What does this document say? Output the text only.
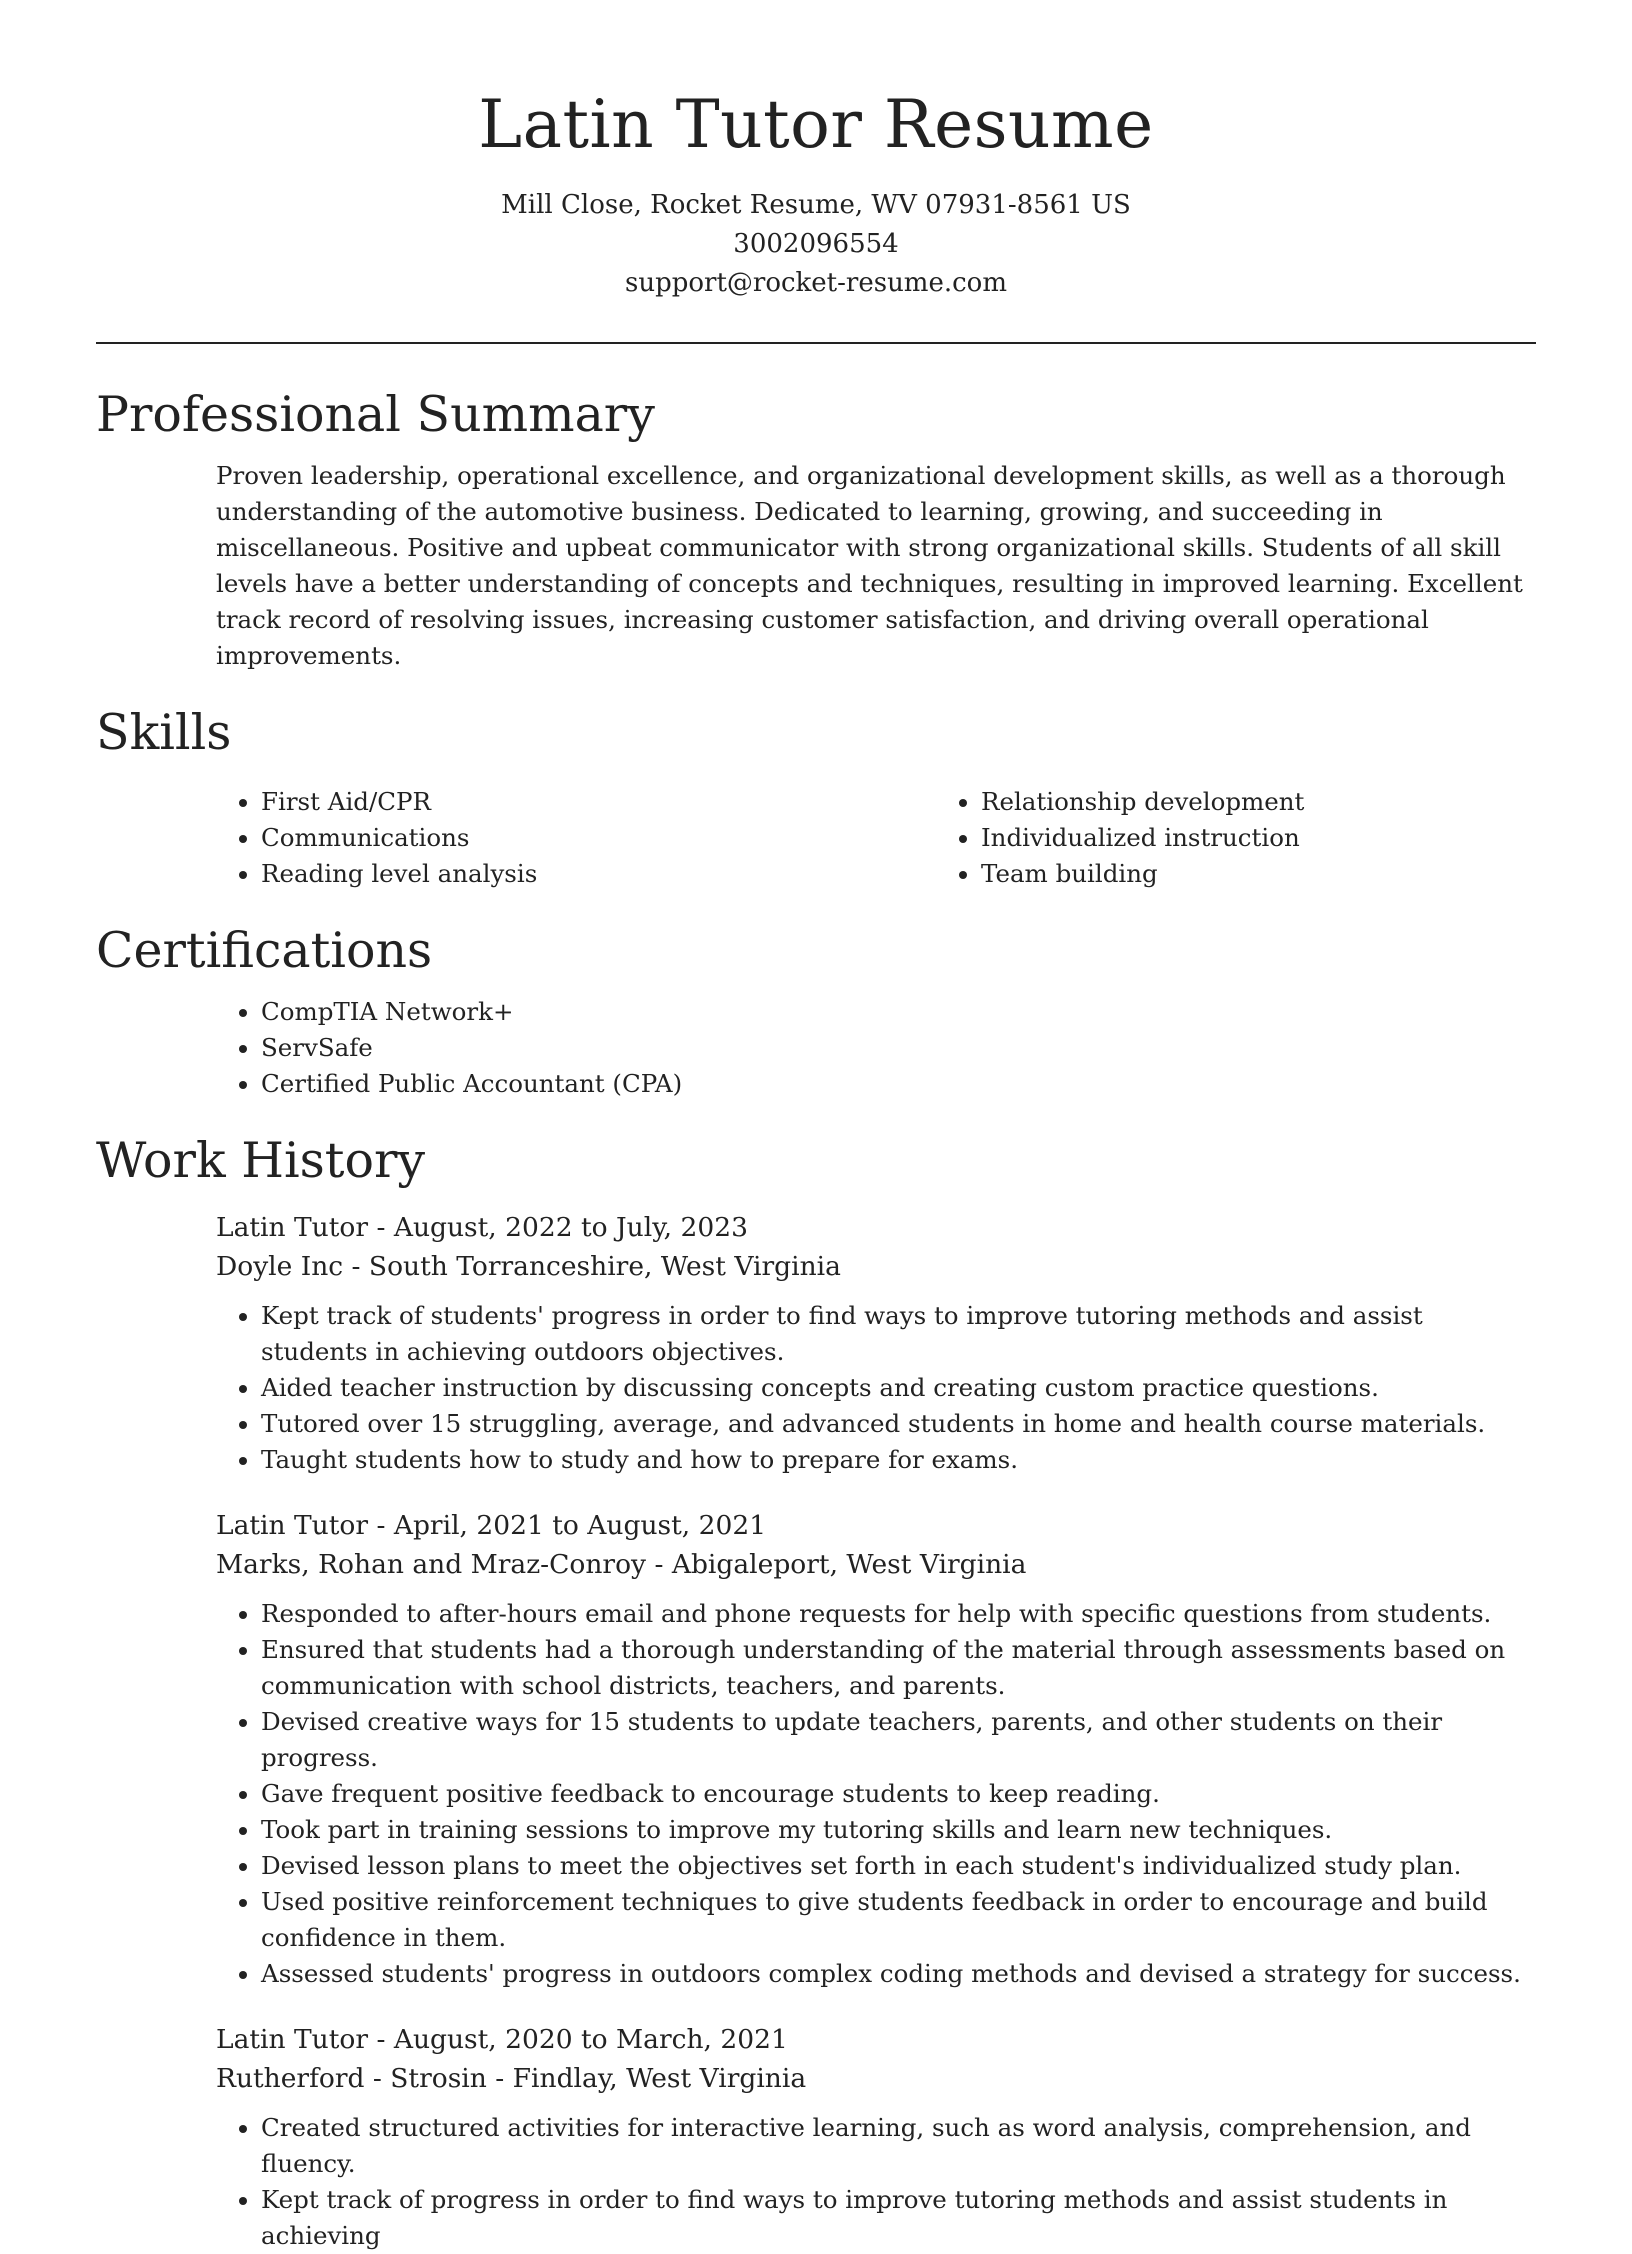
Latin Tutor Resume
Mill Close, Rocket Resume, WV 07931-8561 US
3002096554
support@rocket-resume.com
Professional Summary

Proven leadership, operational excellence, and organizational development skills, as well as a thorough understanding of the automotive business. Dedicated to learning, growing, and succeeding in miscellaneous. Positive and upbeat communicator with strong organizational skills. Students of all skill levels have a better understanding of concepts and techniques, resulting in improved learning. Excellent track record of resolving issues, increasing customer satisfaction, and driving overall operational improvements.

Skills
• First Aid/CPR
• Communications
• Reading level analysis
• Relationship development
• Individualized instruction
• Team building
Certifications
• CompTIA Network+
• ServSafe
• Certified Public Accountant (CPA)
Work History
Latin Tutor - August, 2022 to July, 2023
Doyle Inc - South Torranceshire, West Virginia
• Kept track of students' progress in order to find ways to improve tutoring methods and assist students in achieving outdoors objectives.
• Aided teacher instruction by discussing concepts and creating custom practice questions.
• Tutored over 15 struggling, average, and advanced students in home and health course materials.
• Taught students how to study and how to prepare for exams.
Latin Tutor - April, 2021 to August, 2021
Marks, Rohan and Mraz-Conroy - Abigaleport, West Virginia
• Responded to after-hours email and phone requests for help with specific questions from students.
• Ensured that students had a thorough understanding of the material through assessments based on communication with school districts, teachers, and parents.
• Devised creative ways for 15 students to update teachers, parents, and other students on their progress.
• Gave frequent positive feedback to encourage students to keep reading.
• Took part in training sessions to improve my tutoring skills and learn new techniques.
• Devised lesson plans to meet the objectives set forth in each student's individualized study plan.
• Used positive reinforcement techniques to give students feedback in order to encourage and build confidence in them.
• Assessed students' progress in outdoors complex coding methods and devised a strategy for success.
Latin Tutor - August, 2020 to March, 2021
Rutherford - Strosin - Findlay, West Virginia
• Created structured activities for interactive learning, such as word analysis, comprehension, and fluency.
• Kept track of progress in order to find ways to improve tutoring methods and assist students in achieving
